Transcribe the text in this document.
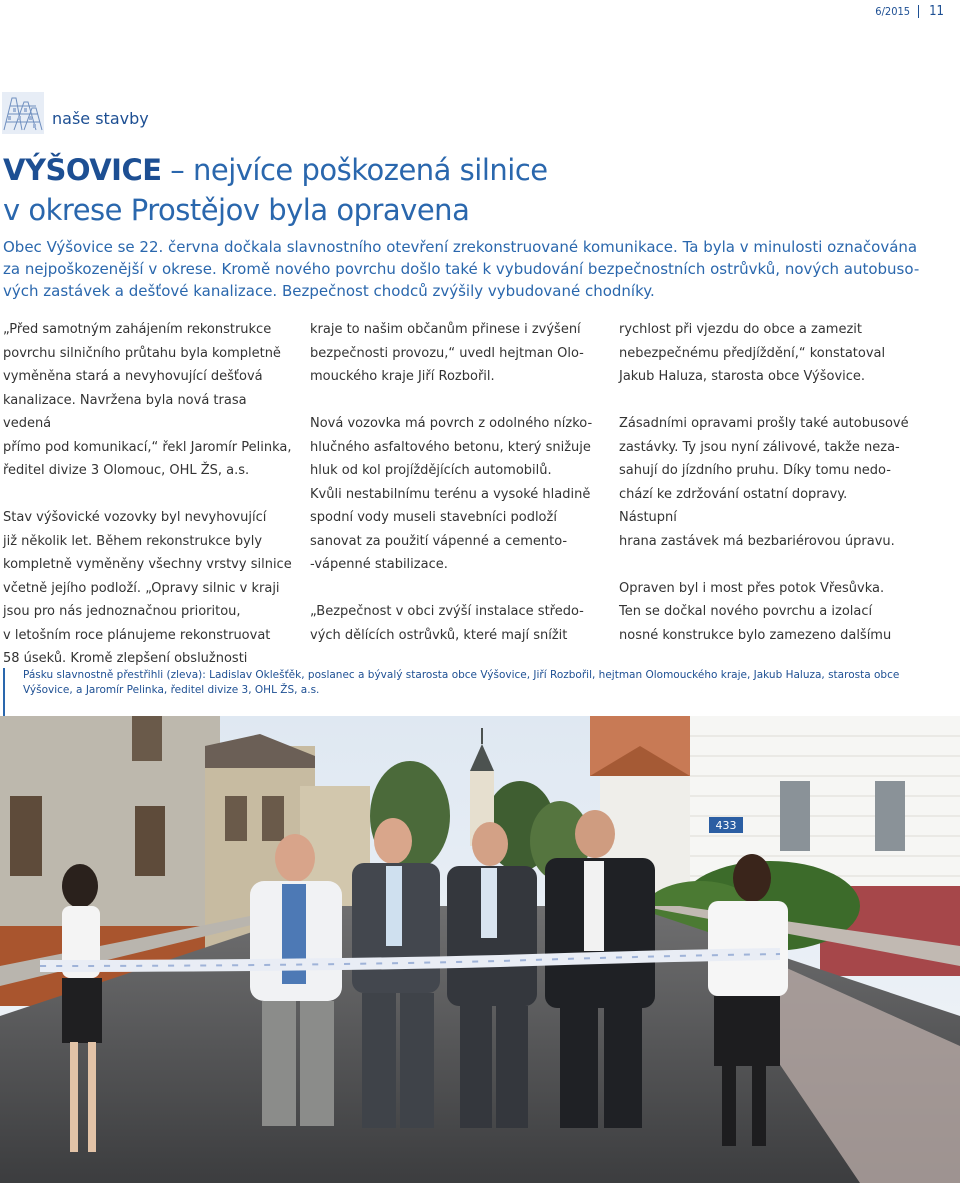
6/2015	11
naše stavby
VÝŠOVICE – nejvíce poškozená silnice
v okrese Prostějov byla opravena

Obec Výšovice se 22. června dočkala slavnostního otevření zrekonstruované komunikace. Ta byla v minulosti označována
za nejpoškozenější v okrese. Kromě nového povrchu došlo také k vybudování bezpečnostních ostrůvků, nových autobuso-
vých zastávek a dešťové kanalizace. Bezpečnost chodců zvýšily vybudované chodníky.

„Před samotným zahájením rekonstrukce
povrchu silničního průtahu byla kompletně
vyměněna stará a nevyhovující dešťová
kanalizace. Navržena byla nová trasa vedená
přímo pod komunikací,“ řekl Jaromír Pelinka,
ředitel divize 3 Olomouc, OHL ŽS, a.s.

Stav výšovické vozovky byl nevyhovující
již několik let. Během rekonstrukce byly
kompletně vyměněny všechny vrstvy silnice
včetně jejího podloží. „Opravy silnic v kraji
jsou pro nás jednoznačnou prioritou,
v letošním roce plánujeme rekonstruovat
58 úseků. Kromě zlepšení obslužnosti

kraje to našim občanům přinese i zvýšení
bezpečnosti provozu,“ uvedl hejtman Olo-
mouckého kraje Jiří Rozbořil.

Nová vozovka má povrch z odolného nízko-
hlučného asfaltového betonu, který snižuje
hluk od kol projíždějících automobilů.
Kvůli nestabilnímu terénu a vysoké hladině
spodní vody museli stavebníci podloží
sanovat za použití vápenné a cemento-
-vápenné stabilizace.

„Bezpečnost v obci zvýší instalace středo-
vých dělících ostrůvků, které mají snížit

rychlost při vjezdu do obce a zamezit
nebezpečnému předjíždění,“ konstatoval
Jakub Haluza, starosta obce Výšovice.

Zásadními opravami prošly také autobusové
zastávky. Ty jsou nyní zálivové, takže neza-
sahují do jízdního pruhu. Díky tomu nedo-
chází ke zdržování ostatní dopravy. Nástupní
hrana zastávek má bezbariérovou úpravu.

Opraven byl i most přes potok Vřesůvka.
Ten se dočkal nového povrchu a izolací
nosné konstrukce bylo zamezeno dalšímu

Pásku slavnostně přestřihli (zleva): Ladislav Oklešťěk, poslanec a bývalý starosta obce Výšovice, Jiří Rozbořil, hejtman Olomouckého kraje, Jakub Haluza, starosta obce
Výšovice, a Jaromír Pelinka, ředitel divize 3, OHL ŽS, a.s.
433
